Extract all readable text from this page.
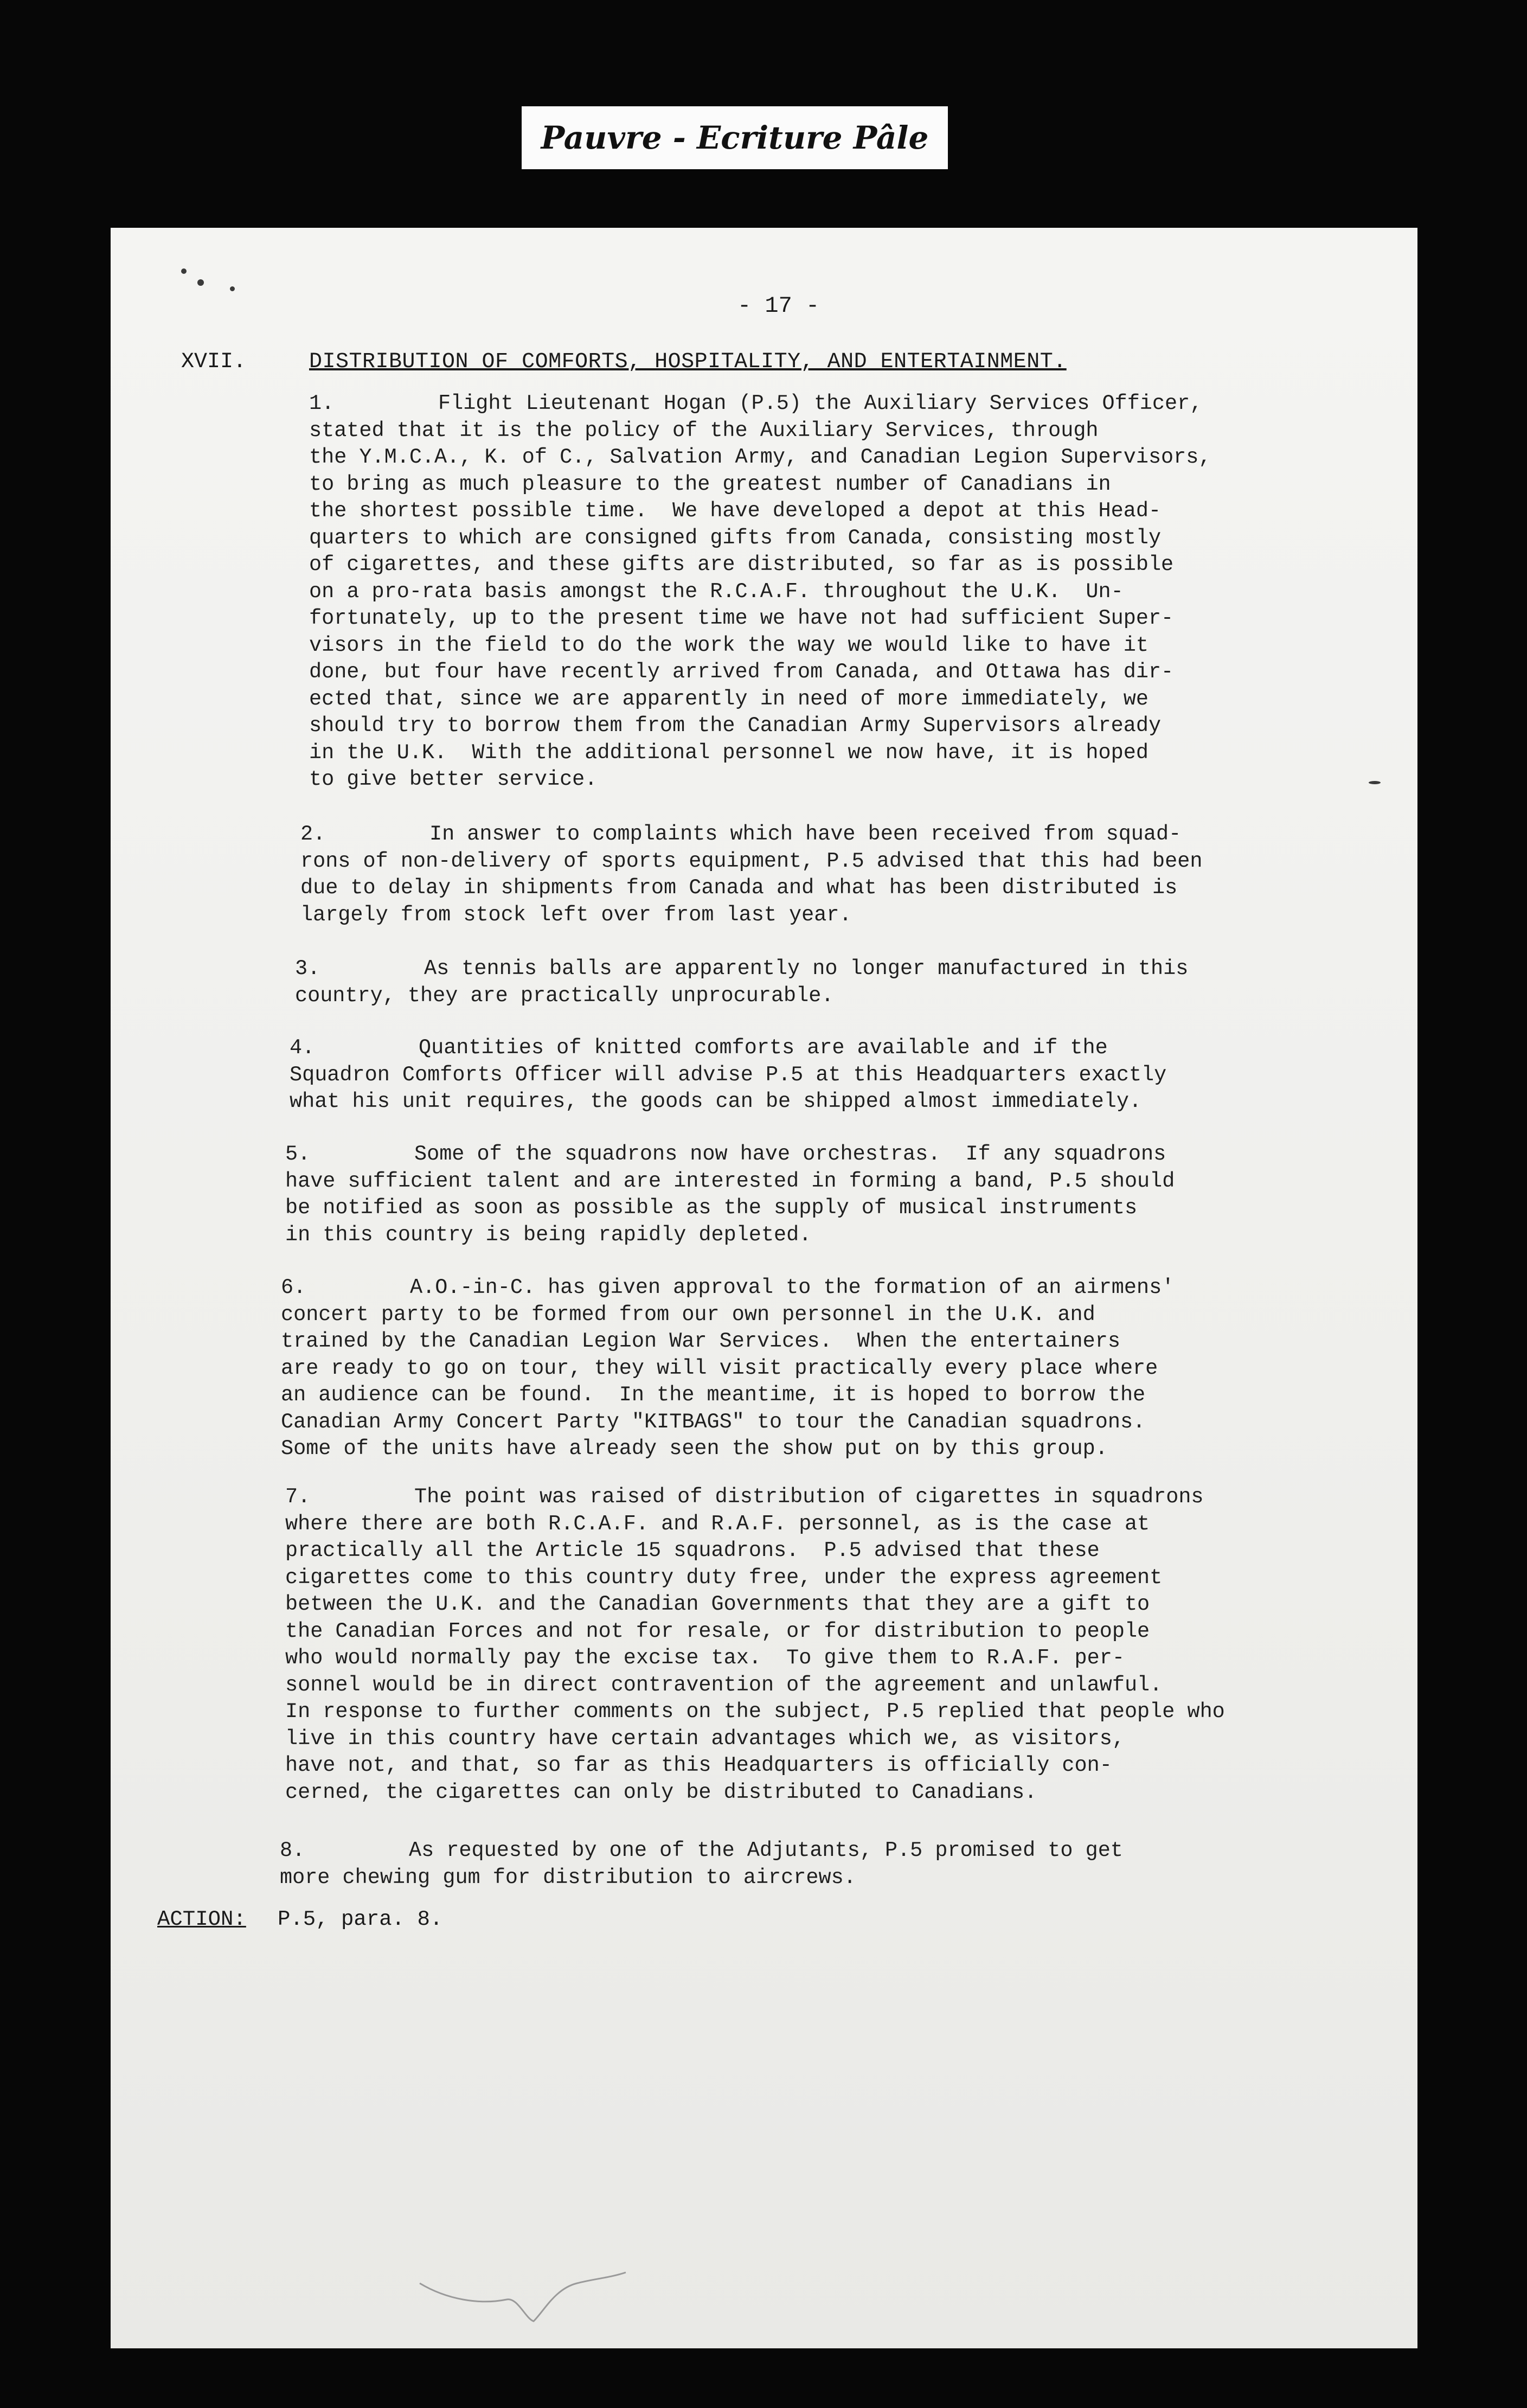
Pauvre - Ecriture Pâle
- 17 -
XVII.	DISTRIBUTION OF COMFORTS, HOSPITALITY, AND ENTERTAINMENT.
1.	Flight Lieutenant Hogan (P.5) the Auxiliary Services Officer,
stated that it is the policy of the Auxiliary Services, through
the Y.M.C.A., K. of C., Salvation Army, and Canadian Legion Supervisors,
to bring as much pleasure to the greatest number of Canadians in
the shortest possible time.  We have developed a depot at this Head-
quarters to which are consigned gifts from Canada, consisting mostly
of cigarettes, and these gifts are distributed, so far as is possible
on a pro-rata basis amongst the R.C.A.F. throughout the U.K.  Un-
fortunately, up to the present time we have not had sufficient Super-
visors in the field to do the work the way we would like to have it
done, but four have recently arrived from Canada, and Ottawa has dir-
ected that, since we are apparently in need of more immediately, we
should try to borrow them from the Canadian Army Supervisors already
in the U.K.  With the additional personnel we now have, it is hoped
to give better service.
2.	In answer to complaints which have been received from squad-
rons of non-delivery of sports equipment, P.5 advised that this had been
due to delay in shipments from Canada and what has been distributed is
largely from stock left over from last year.
3.	As tennis balls are apparently no longer manufactured in this
country, they are practically unprocurable.
4.	Quantities of knitted comforts are available and if the
Squadron Comforts Officer will advise P.5 at this Headquarters exactly
what his unit requires, the goods can be shipped almost immediately.
5.	Some of the squadrons now have orchestras.  If any squadrons
have sufficient talent and are interested in forming a band, P.5 should
be notified as soon as possible as the supply of musical instruments
in this country is being rapidly depleted.
6.	A.O.-in-C. has given approval to the formation of an airmens'
concert party to be formed from our own personnel in the U.K. and
trained by the Canadian Legion War Services.  When the entertainers
are ready to go on tour, they will visit practically every place where
an audience can be found.  In the meantime, it is hoped to borrow the
Canadian Army Concert Party "KITBAGS" to tour the Canadian squadrons.
Some of the units have already seen the show put on by this group.
7.	The point was raised of distribution of cigarettes in squadrons
where there are both R.C.A.F. and R.A.F. personnel, as is the case at
practically all the Article 15 squadrons.  P.5 advised that these
cigarettes come to this country duty free, under the express agreement
between the U.K. and the Canadian Governments that they are a gift to
the Canadian Forces and not for resale, or for distribution to people
who would normally pay the excise tax.  To give them to R.A.F. per-
sonnel would be in direct contravention of the agreement and unlawful.
In response to further comments on the subject, P.5 replied that people who
live in this country have certain advantages which we, as visitors,
have not, and that, so far as this Headquarters is officially con-
cerned, the cigarettes can only be distributed to Canadians.
8.	As requested by one of the Adjutants, P.5 promised to get
more chewing gum for distribution to aircrews.
ACTION: P.5, para. 8.
